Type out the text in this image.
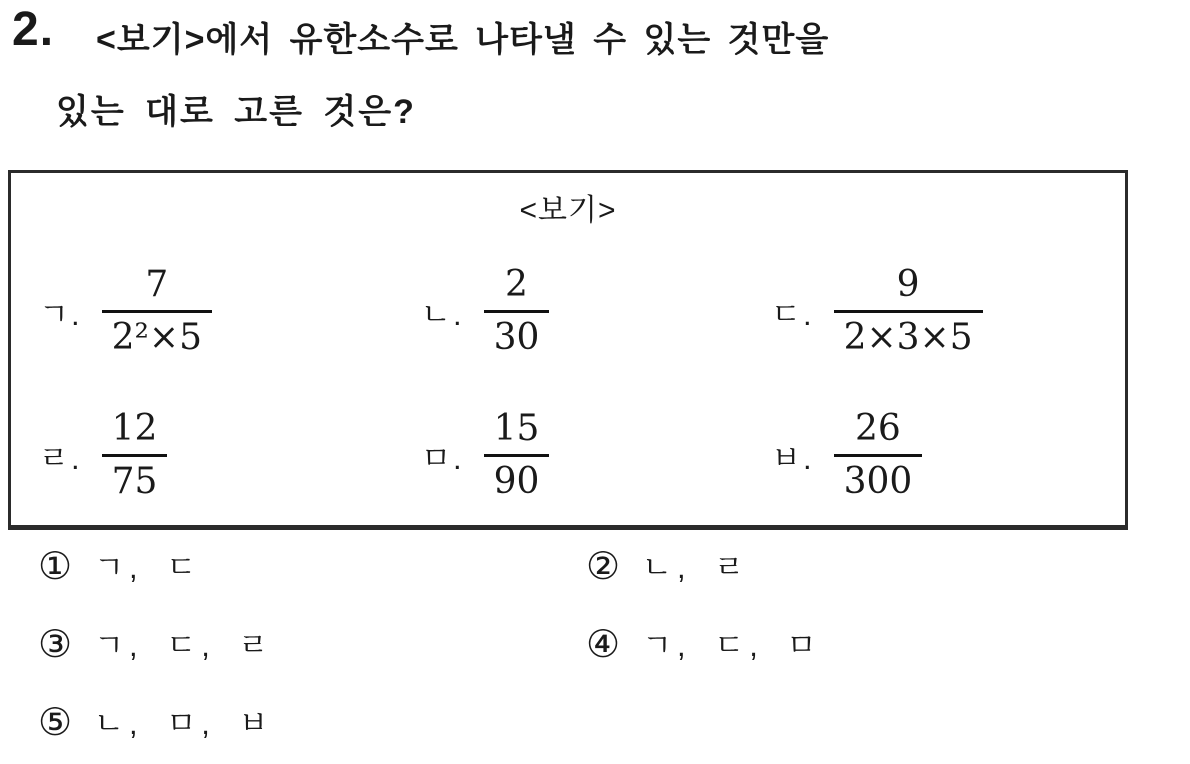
2. <보기>에서 유한소수로 나타낼 수 있는 것만을
있는 대로 고른 것은?
<보기>
ㄱ. $\frac{7}{\text{2²×5}}$	ㄴ. $\frac{2}{30}$	ㄷ. $\frac{9}{2\times 3\times 5}$
ㄹ. $\frac{12}{75}$	ㅁ. $\frac{15}{90}$	ㅂ. $\frac{26}{300}$
① ㄱ, ㄷ	② ㄴ, ㄹ
③ ㄱ, ㄷ, ㄹ	④ ㄱ, ㄷ, ㅁ
⑤ ㄴ, ㅁ, ㅂ
